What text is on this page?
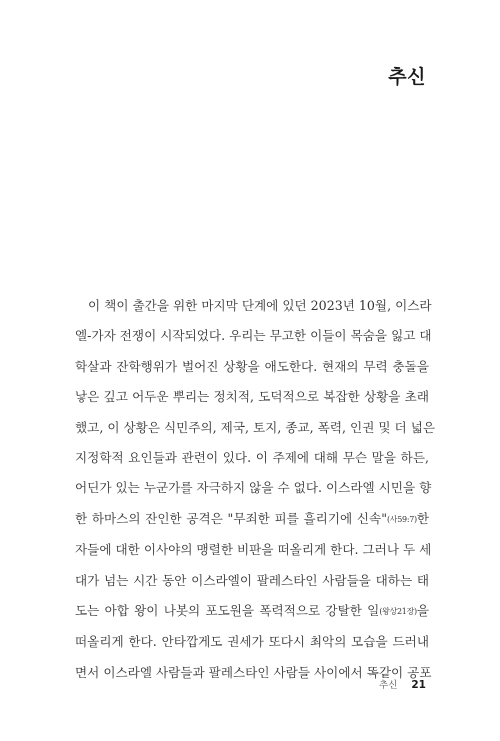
추신
이 책이 출간을 위한 마지막 단계에 있던 2023년 10월, 이스라
엘-가자 전쟁이 시작되었다. 우리는 무고한 이들이 목숨을 잃고 대
학살과 잔학행위가 벌어진 상황을 애도한다. 현재의 무력 충돌을
낳은 깊고 어두운 뿌리는 정치적, 도덕적으로 복잡한 상황을 초래
했고, 이 상황은 식민주의, 제국, 토지, 종교, 폭력, 인권 및 더 넓은
지정학적 요인들과 관련이 있다. 이 주제에 대해 무슨 말을 하든,
어딘가 있는 누군가를 자극하지 않을 수 없다. 이스라엘 시민을 향
한 하마스의 잔인한 공격은 "무죄한 피를 흘리기에 신속"(사59:7)한
자들에 대한 이사야의 맹렬한 비판을 떠올리게 한다. 그러나 두 세
대가 넘는 시간 동안 이스라엘이 팔레스타인 사람들을 대하는 태
도는 아합 왕이 나봇의 포도원을 폭력적으로 강탈한 일(왕상21장)을
떠올리게 한다. 안타깝게도 권세가 또다시 최악의 모습을 드러내
면서 이스라엘 사람들과 팔레스타인 사람들 사이에서 똑같이 공포
추신 21
